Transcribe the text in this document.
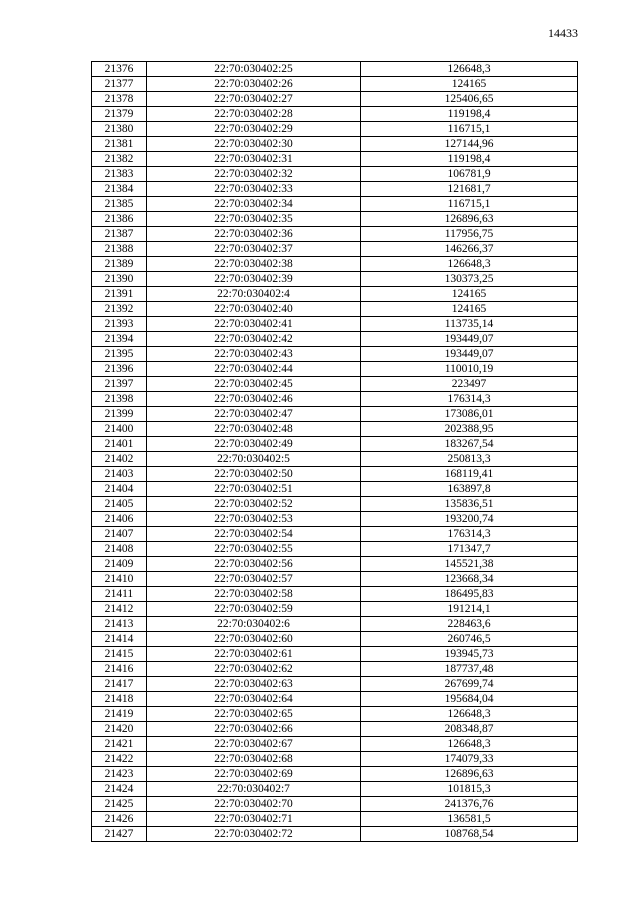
14433
21376	22:70:030402:25	126648,3
21377	22:70:030402:26	124165
21378	22:70:030402:27	125406,65
21379	22:70:030402:28	119198,4
21380	22:70:030402:29	116715,1
21381	22:70:030402:30	127144,96
21382	22:70:030402:31	119198,4
21383	22:70:030402:32	106781,9
21384	22:70:030402:33	121681,7
21385	22:70:030402:34	116715,1
21386	22:70:030402:35	126896,63
21387	22:70:030402:36	117956,75
21388	22:70:030402:37	146266,37
21389	22:70:030402:38	126648,3
21390	22:70:030402:39	130373,25
21391	22:70:030402:4	124165
21392	22:70:030402:40	124165
21393	22:70:030402:41	113735,14
21394	22:70:030402:42	193449,07
21395	22:70:030402:43	193449,07
21396	22:70:030402:44	110010,19
21397	22:70:030402:45	223497
21398	22:70:030402:46	176314,3
21399	22:70:030402:47	173086,01
21400	22:70:030402:48	202388,95
21401	22:70:030402:49	183267,54
21402	22:70:030402:5	250813,3
21403	22:70:030402:50	168119,41
21404	22:70:030402:51	163897,8
21405	22:70:030402:52	135836,51
21406	22:70:030402:53	193200,74
21407	22:70:030402:54	176314,3
21408	22:70:030402:55	171347,7
21409	22:70:030402:56	145521,38
21410	22:70:030402:57	123668,34
21411	22:70:030402:58	186495,83
21412	22:70:030402:59	191214,1
21413	22:70:030402:6	228463,6
21414	22:70:030402:60	260746,5
21415	22:70:030402:61	193945,73
21416	22:70:030402:62	187737,48
21417	22:70:030402:63	267699,74
21418	22:70:030402:64	195684,04
21419	22:70:030402:65	126648,3
21420	22:70:030402:66	208348,87
21421	22:70:030402:67	126648,3
21422	22:70:030402:68	174079,33
21423	22:70:030402:69	126896,63
21424	22:70:030402:7	101815,3
21425	22:70:030402:70	241376,76
21426	22:70:030402:71	136581,5
21427	22:70:030402:72	108768,54
